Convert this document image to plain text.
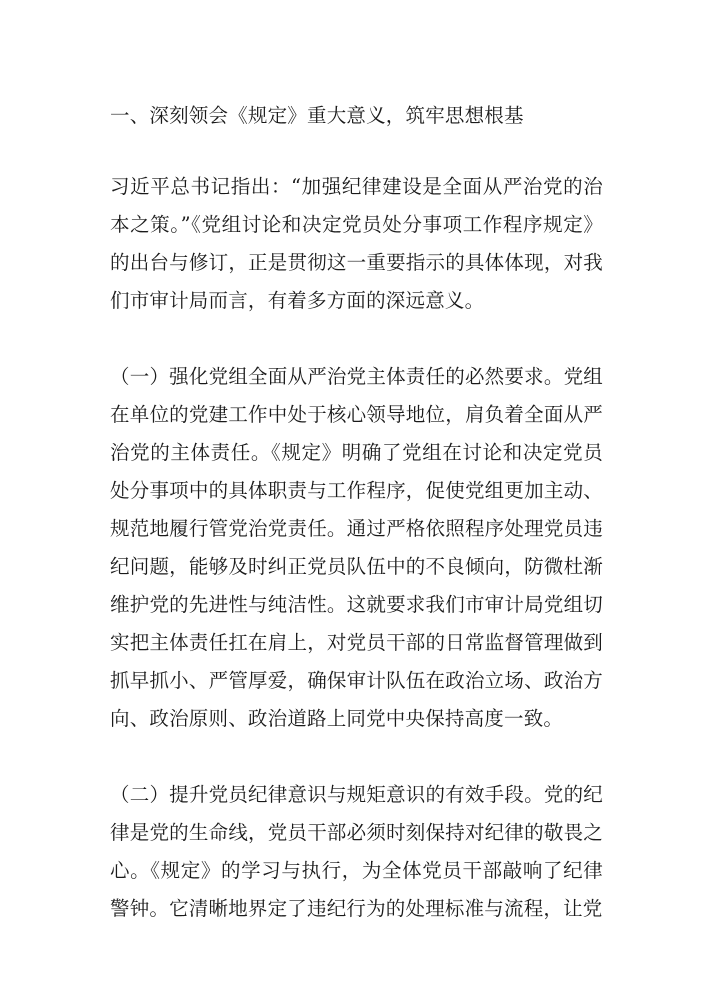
一、深刻领会《规定》重大意义，筑牢思想根基

习近平总书记指出：“加强纪律建设是全面从严治党的治本之策。”《党组讨论和决定党员处分事项工作程序规定》的出台与修订，正是贯彻这一重要指示的具体体现，对我们市审计局而言，有着多方面的深远意义。

（一）强化党组全面从严治党主体责任的必然要求。党组在单位的党建工作中处于核心领导地位，肩负着全面从严治党的主体责任。《规定》明确了党组在讨论和决定党员处分事项中的具体职责与工作程序，促使党组更加主动、规范地履行管党治党责任。通过严格依照程序处理党员违纪问题，能够及时纠正党员队伍中的不良倾向，防微杜渐维护党的先进性与纯洁性。这就要求我们市审计局党组切实把主体责任扛在肩上，对党员干部的日常监督管理做到抓早抓小、严管厚爱，确保审计队伍在政治立场、政治方向、政治原则、政治道路上同党中央保持高度一致。

（二）提升党员纪律意识与规矩意识的有效手段。党的纪律是党的生命线，党员干部必须时刻保持对纪律的敬畏之心。《规定》的学习与执行，为全体党员干部敲响了纪律警钟。它清晰地界定了违纪行为的处理标准与流程，让党
